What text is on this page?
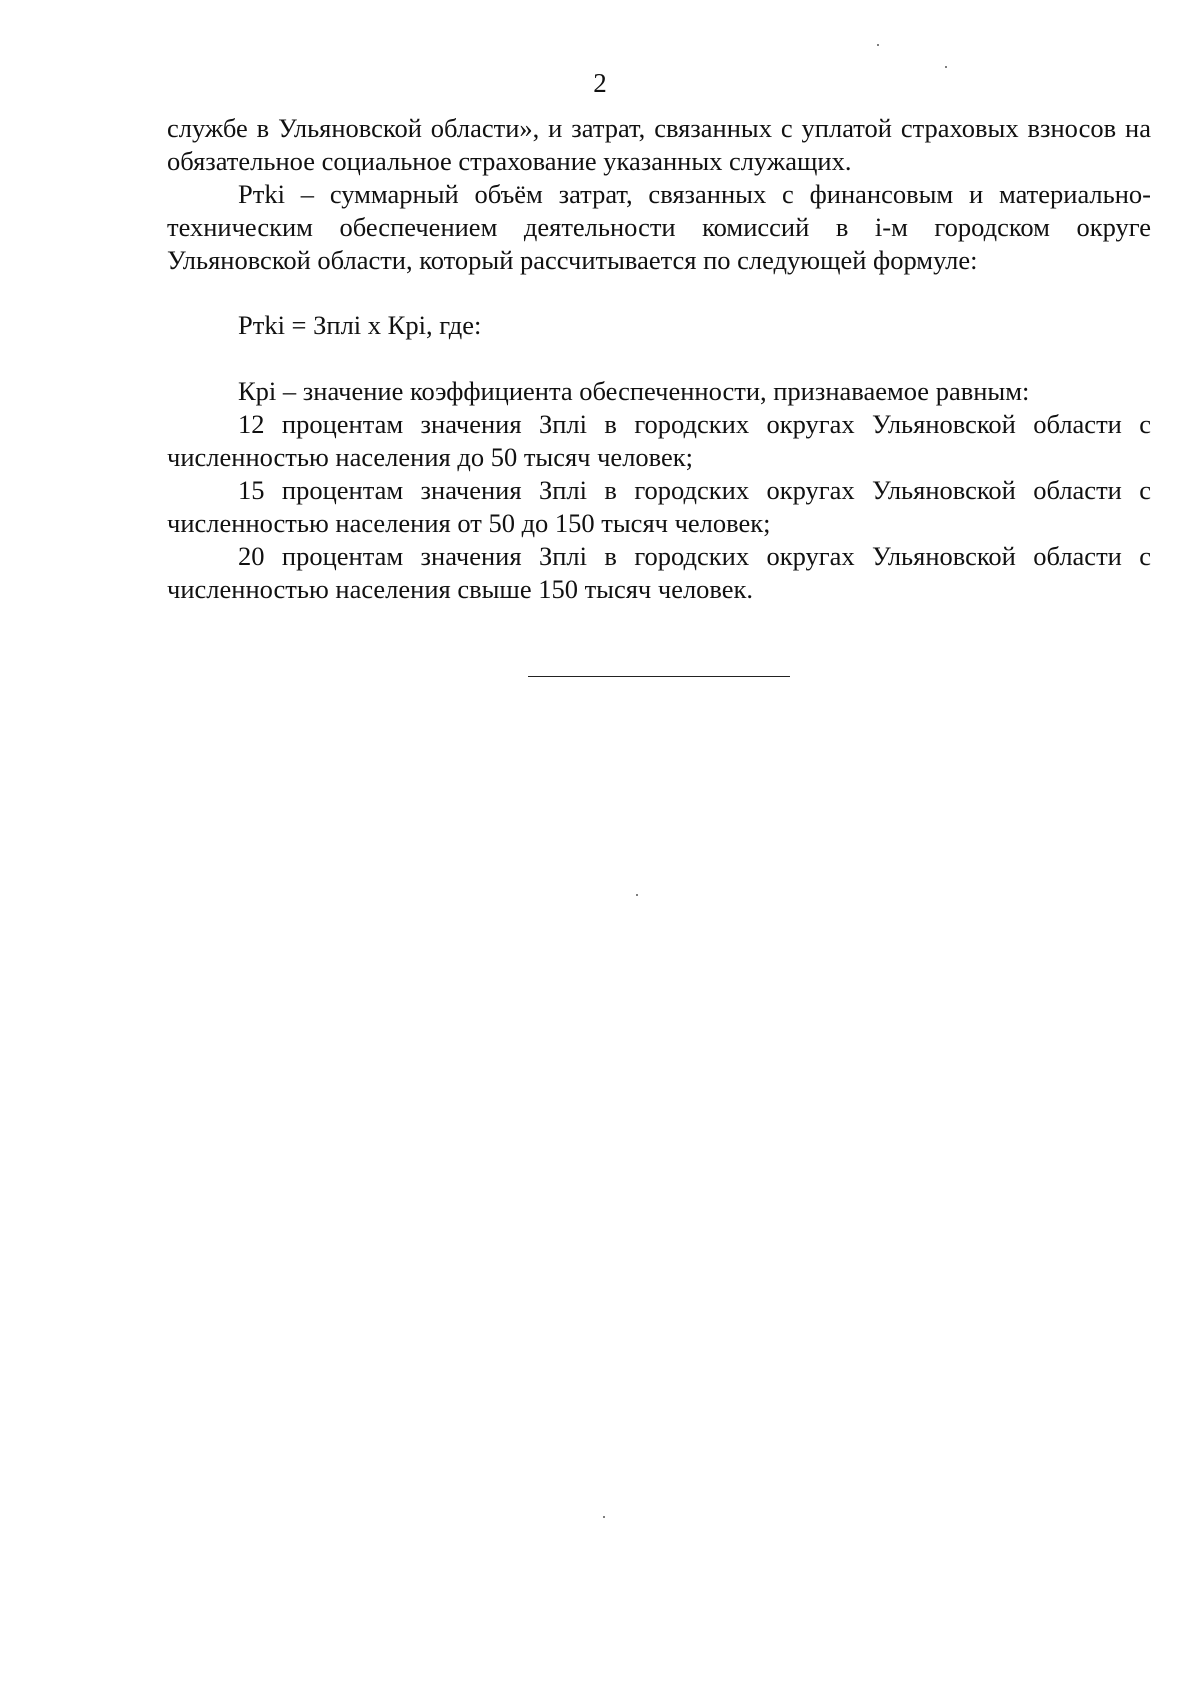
2

службе в Ульяновской области», и затрат, связанных с уплатой страховых взносов на обязательное социальное страхование указанных служащих.

Pтki – суммарный объём затрат, связанных с финансовым и материально-техническим обеспечением деятельности комиссий в i-м городском округе Ульяновской области, который рассчитывается по следующей формуле:

Pтki = Зплi х Кpi, где:

Кpi – значение коэффициента обеспеченности, признаваемое равным:

12 процентам значения Зплi в городских округах Ульяновской области с численностью населения до 50 тысяч человек;

15 процентам значения Зплi в городских округах Ульяновской области с численностью населения от 50 до 150 тысяч человек;

20 процентам значения Зплi в городских округах Ульяновской области с численностью населения свыше 150 тысяч человек.
